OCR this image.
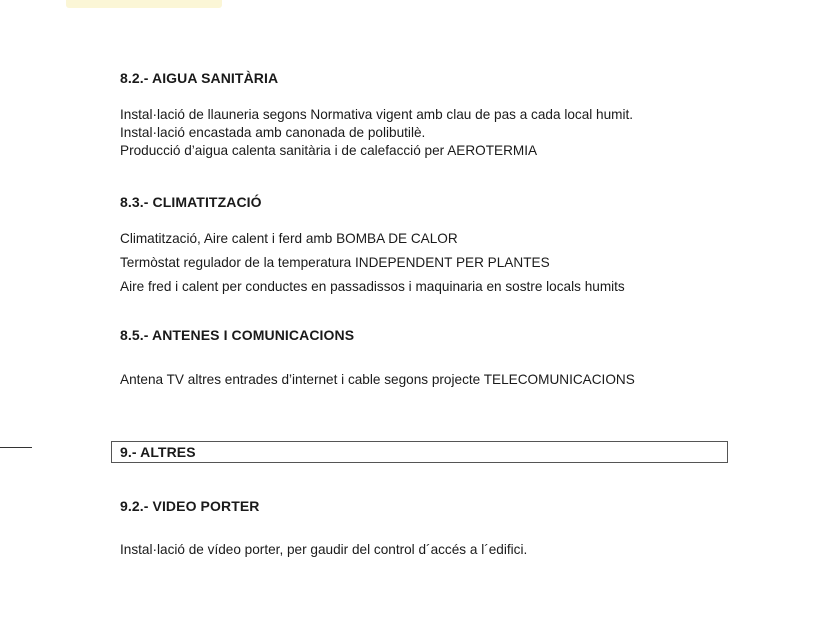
8.2.- AIGUA SANITÀRIA

Instal·lació de llauneria segons Normativa vigent amb clau de pas a cada local humit.

Instal·lació encastada amb canonada de polibutilè.

Producció d’aigua calenta sanitària i de calefacció per AEROTERMIA

8.3.- CLIMATITZACIÓ

Climatització, Aire calent i ferd amb BOMBA DE CALOR

Termòstat regulador de la temperatura INDEPENDENT PER PLANTES

Aire fred i calent per conductes en passadissos i maquinaria en sostre locals humits

8.5.- ANTENES I COMUNICACIONS

Antena TV altres entrades d’internet i cable segons projecte TELECOMUNICACIONS

9.- ALTRES
9.2.- VIDEO PORTER

Instal·lació de vídeo porter, per gaudir del control d´accés a l´edifici.
